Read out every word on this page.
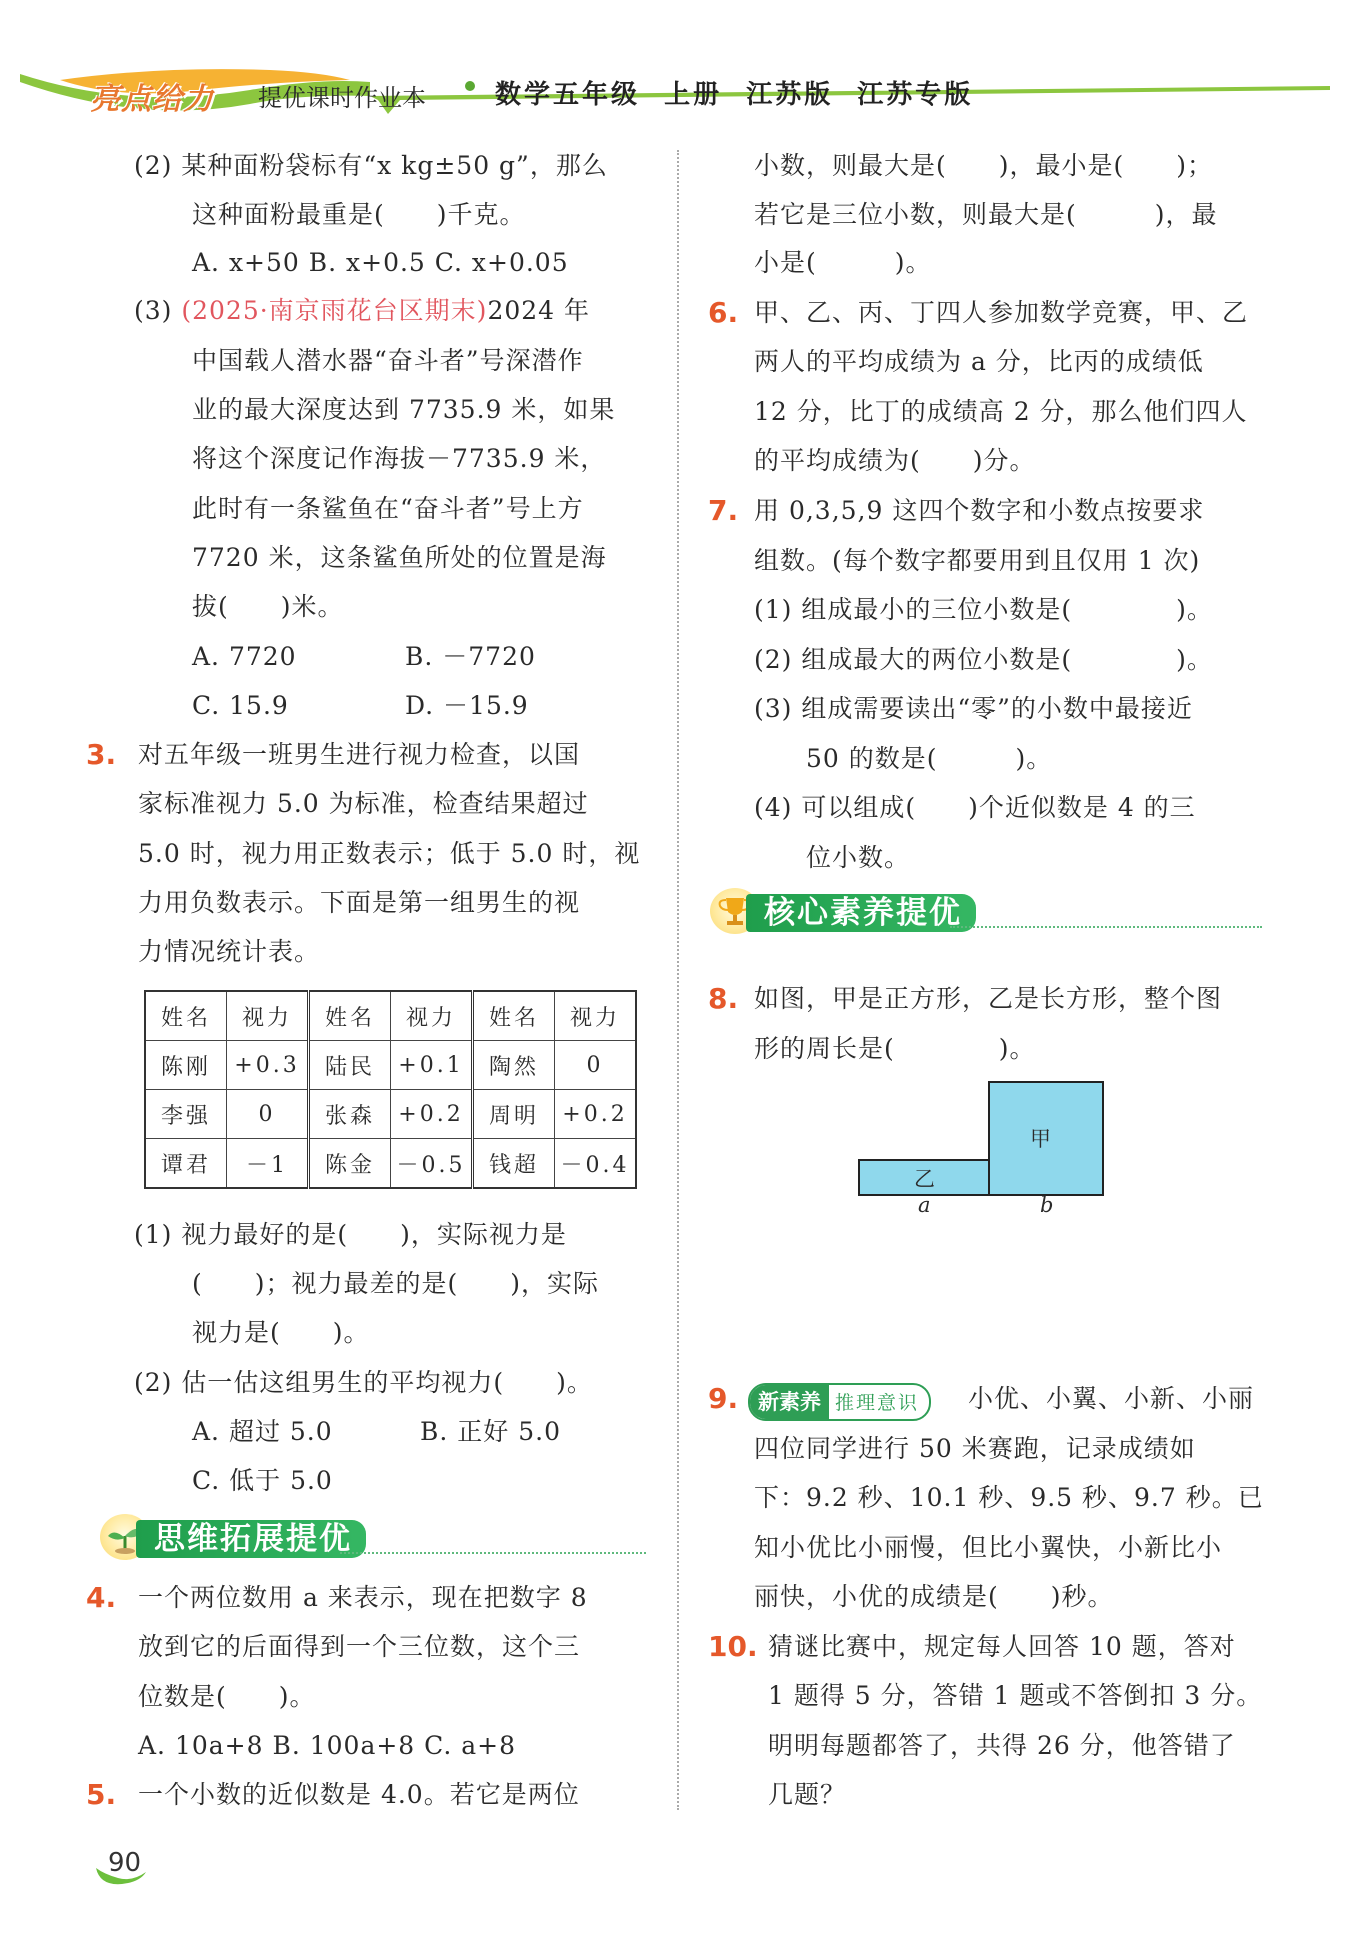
亮点给力 提优课时作业本	数学五年级  上册  江苏版  江苏专版
(2) 某种面粉袋标有“x kg±50 g”，那么
这种面粉最重是(　　)千克。
A. x+50 B. x+0.5 C. x+0.05
(3) (2025·南京雨花台区期末)2024 年
中国载人潜水器“奋斗者”号深潜作
业的最大深度达到 7735.9 米，如果
将这个深度记作海拔－7735.9 米，
此时有一条鲨鱼在“奋斗者”号上方
7720 米，这条鲨鱼所处的位置是海
拔(　　)米。
A. 7720	B. －7720
C. 15.9	D. －15.9
3. 对五年级一班男生进行视力检查，以国
家标准视力 5.0 为标准，检查结果超过
5.0 时，视力用正数表示；低于 5.0 时，视
力用负数表示。下面是第一组男生的视
力情况统计表。
姓名	视力	姓名	视力	姓名	视力
陈刚	+0.3	陆民	+0.1	陶然	0
李强	0	张森	+0.2	周明	+0.2
谭君	－1	陈金	－0.5	钱超	－0.4
(1) 视力最好的是(　　)，实际视力是
(　　)；视力最差的是(　　)，实际
视力是(　　)。
(2) 估一估这组男生的平均视力(　　)。
A. 超过 5.0	B. 正好 5.0
C. 低于 5.0
思维拓展提优
4. 一个两位数用 a 来表示，现在把数字 8
放到它的后面得到一个三位数，这个三
位数是(　　)。
A. 10a+8 B. 100a+8 C. a+8
5. 一个小数的近似数是 4.0。若它是两位
小数，则最大是(　　)，最小是(　　)；
若它是三位小数，则最大是(　　　)，最
小是(　　　)。
6. 甲、乙、丙、丁四人参加数学竞赛，甲、乙
两人的平均成绩为 a 分，比丙的成绩低
12 分，比丁的成绩高 2 分，那么他们四人
的平均成绩为(　　)分。
7. 用 0,3,5,9 这四个数字和小数点按要求
组数。(每个数字都要用到且仅用 1 次)
(1) 组成最小的三位小数是(　　　　)。
(2) 组成最大的两位小数是(　　　　)。
(3) 组成需要读出“零”的小数中最接近
50 的数是(　　　)。
(4) 可以组成(　　)个近似数是 4 的三
位小数。
核心素养提优
8. 如图，甲是正方形，乙是长方形，整个图
形的周长是(　　　　)。
甲
乙
a	b
9. 新素养 推理意识	小优、小翼、小新、小丽
四位同学进行 50 米赛跑，记录成绩如
下：9.2 秒、10.1 秒、9.5 秒、9.7 秒。已
知小优比小丽慢，但比小翼快，小新比小
丽快，小优的成绩是(　　)秒。
10. 猜谜比赛中，规定每人回答 10 题，答对
1 题得 5 分，答错 1 题或不答倒扣 3 分。
明明每题都答了，共得 26 分，他答错了
几题？
90
